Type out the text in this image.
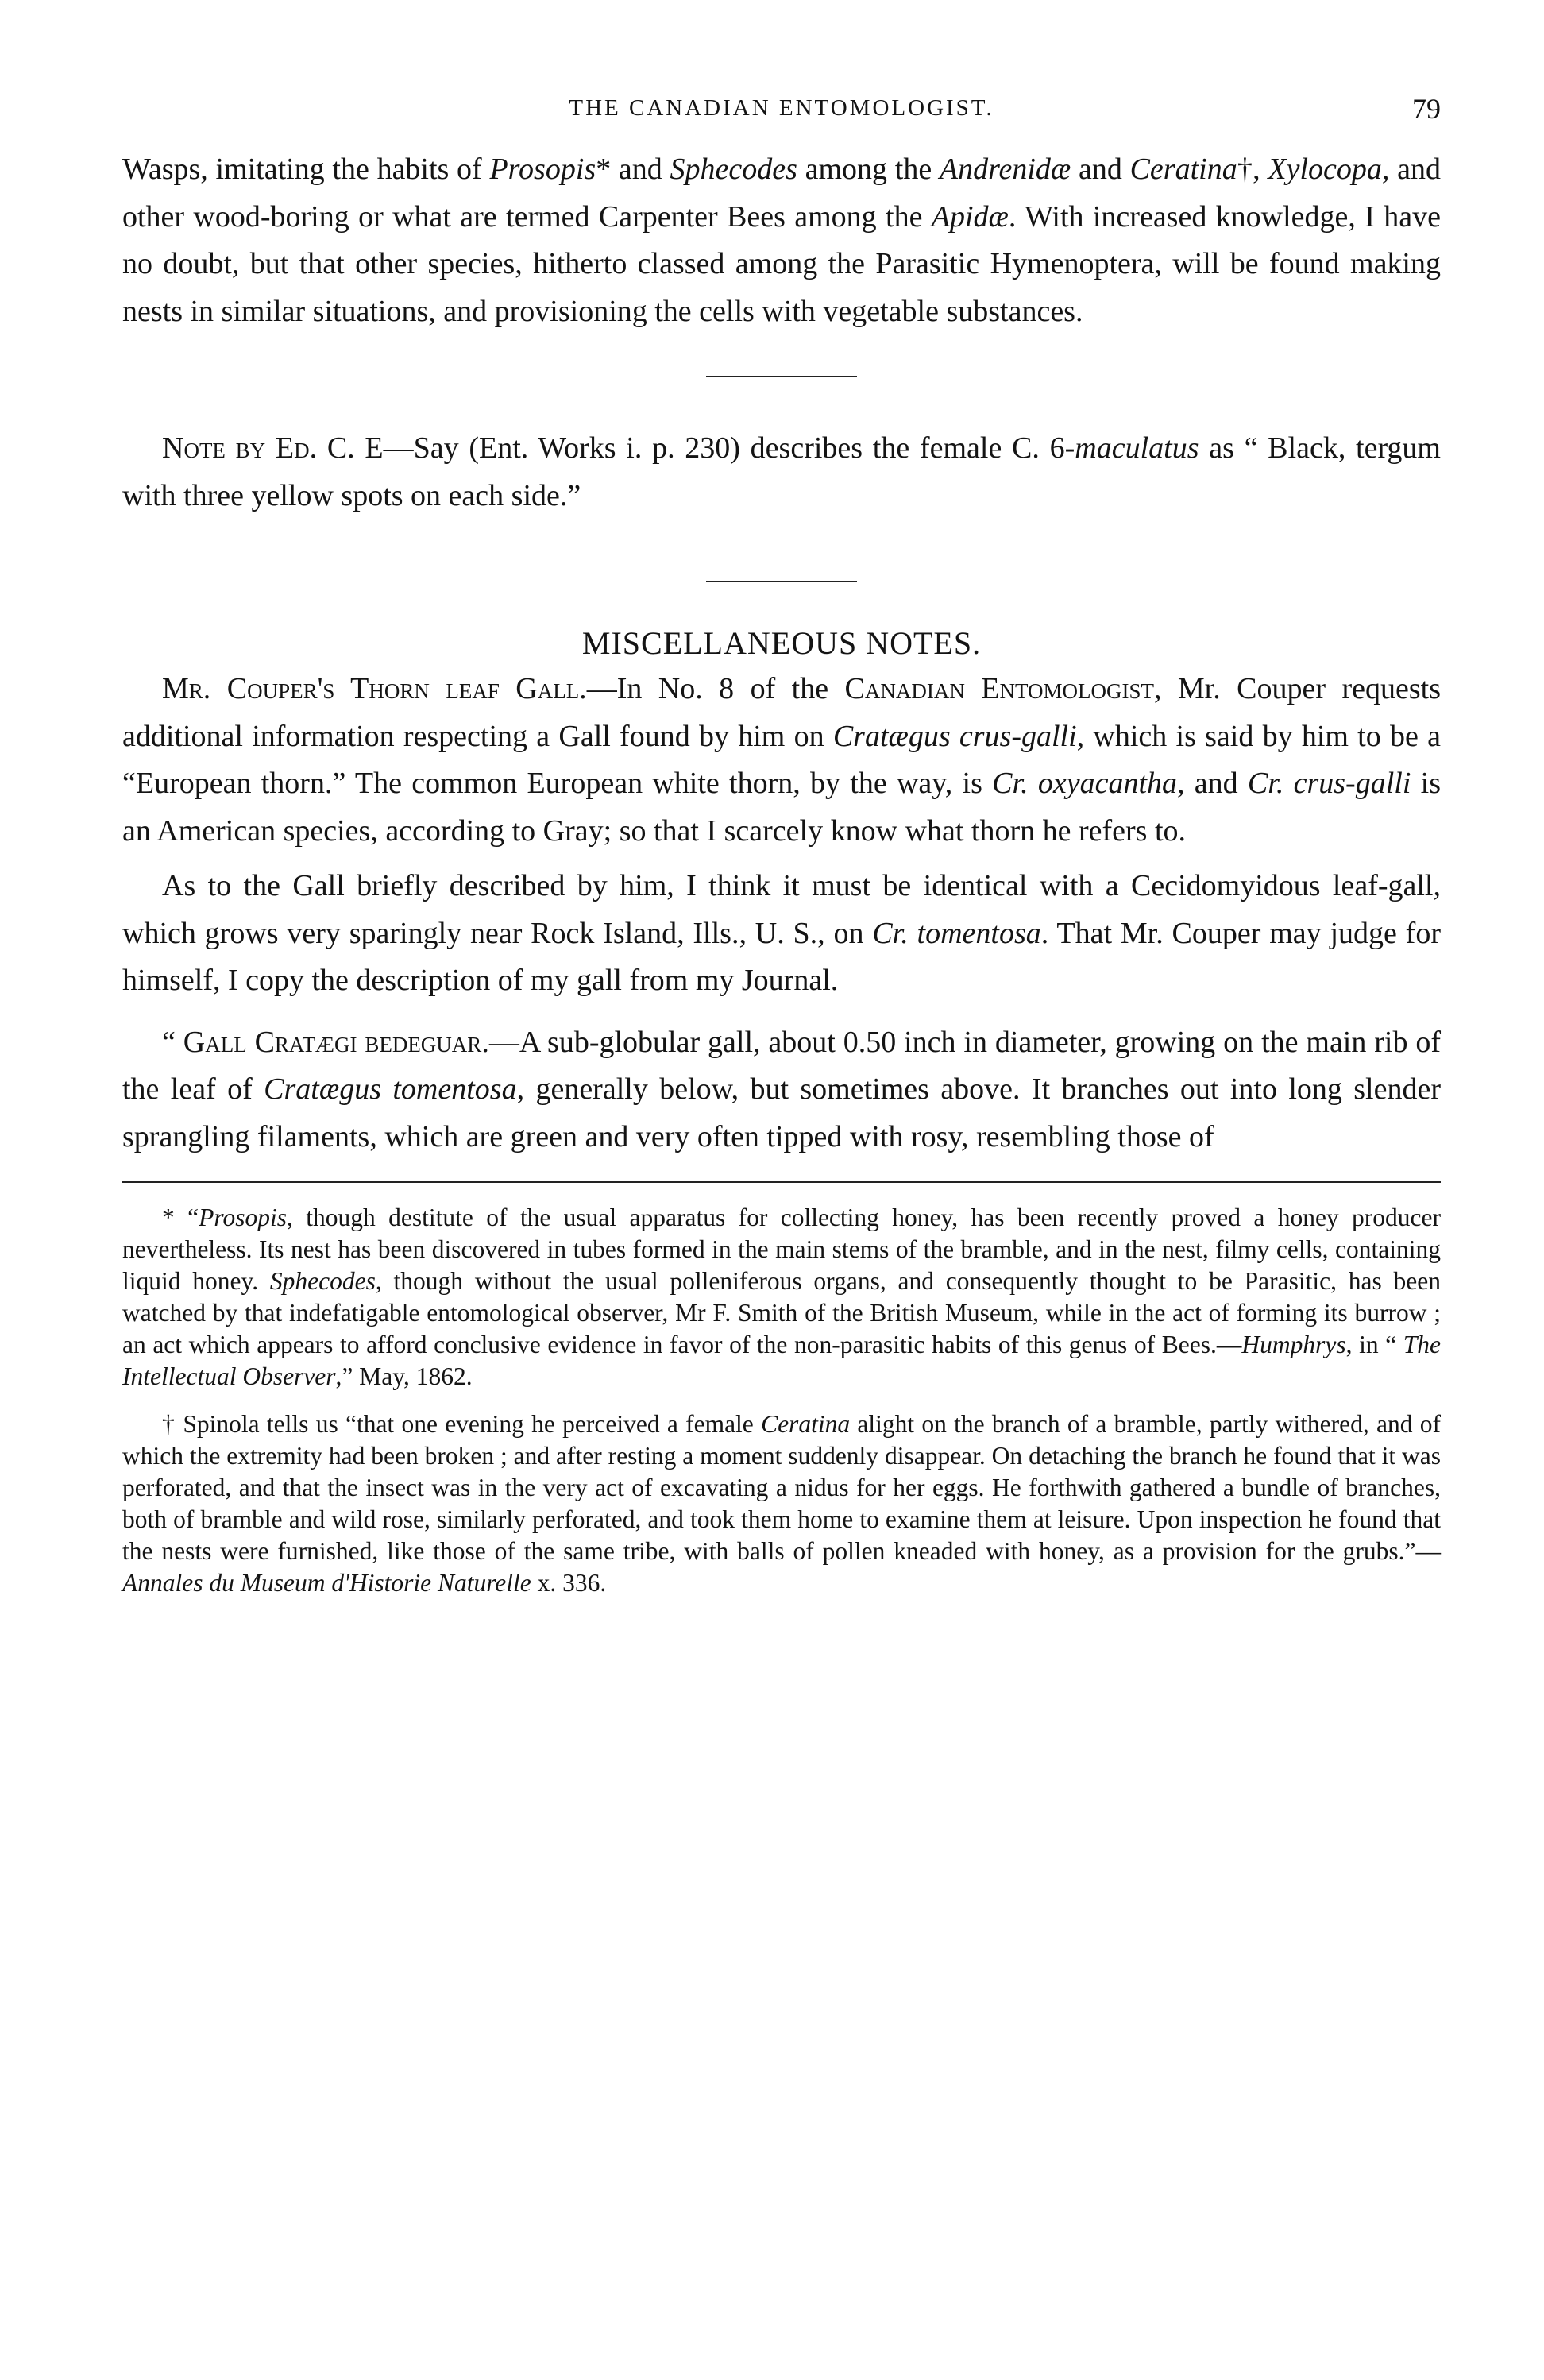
THE CANADIAN ENTOMOLOGIST.	79

Wasps, imitating the habits of Prosopis* and Sphecodes among the Andrenidæ and Ceratina†, Xylocopa, and other wood-boring or what are termed Carpenter Bees among the Apidæ. With increased knowledge, I have no doubt, but that other species, hitherto classed among the Parasitic Hymenoptera, will be found making nests in similar situations, and provisioning the cells with vegetable substances.

Note by Ed. C. E—Say (Ent. Works i. p. 230) describes the female C. 6-maculatus as “ Black, tergum with three yellow spots on each side.”

MISCELLANEOUS NOTES.

Mr. Couper's Thorn leaf Gall.—In No. 8 of the Canadian Entomologist, Mr. Couper requests additional information respecting a Gall found by him on Cratægus crus-galli, which is said by him to be a “European thorn.” The common European white thorn, by the way, is Cr. oxyacantha, and Cr. crus-galli is an American species, according to Gray; so that I scarcely know what thorn he refers to.

As to the Gall briefly described by him, I think it must be identical with a Cecidomyidous leaf-gall, which grows very sparingly near Rock Island, Ills., U. S., on Cr. tomentosa. That Mr. Couper may judge for himself, I copy the description of my gall from my Journal.

“ Gall Cratægi bedeguar.—A sub-globular gall, about 0.50 inch in diameter, growing on the main rib of the leaf of Cratægus tomentosa, generally below, but sometimes above. It branches out into long slender sprangling filaments, which are green and very often tipped with rosy, resembling those of

* “Prosopis, though destitute of the usual apparatus for collecting honey, has been recently proved a honey producer nevertheless. Its nest has been discovered in tubes formed in the main stems of the bramble, and in the nest, filmy cells, containing liquid honey. Sphecodes, though without the usual polleniferous organs, and consequently thought to be Parasitic, has been watched by that indefatigable entomological observer, Mr F. Smith of the British Museum, while in the act of forming its burrow ; an act which appears to afford conclusive evidence in favor of the non-parasitic habits of this genus of Bees.—Humphrys, in “ The Intellectual Observer,” May, 1862.

† Spinola tells us “that one evening he perceived a female Ceratina alight on the branch of a bramble, partly withered, and of which the extremity had been broken ; and after resting a moment suddenly disappear. On detaching the branch he found that it was perforated, and that the insect was in the very act of excavating a nidus for her eggs. He forthwith gathered a bundle of branches, both of bramble and wild rose, similarly perforated, and took them home to examine them at leisure. Upon inspection he found that the nests were furnished, like those of the same tribe, with balls of pollen kneaded with honey, as a provision for the grubs.”—Annales du Museum d'Historie Naturelle x. 336.
